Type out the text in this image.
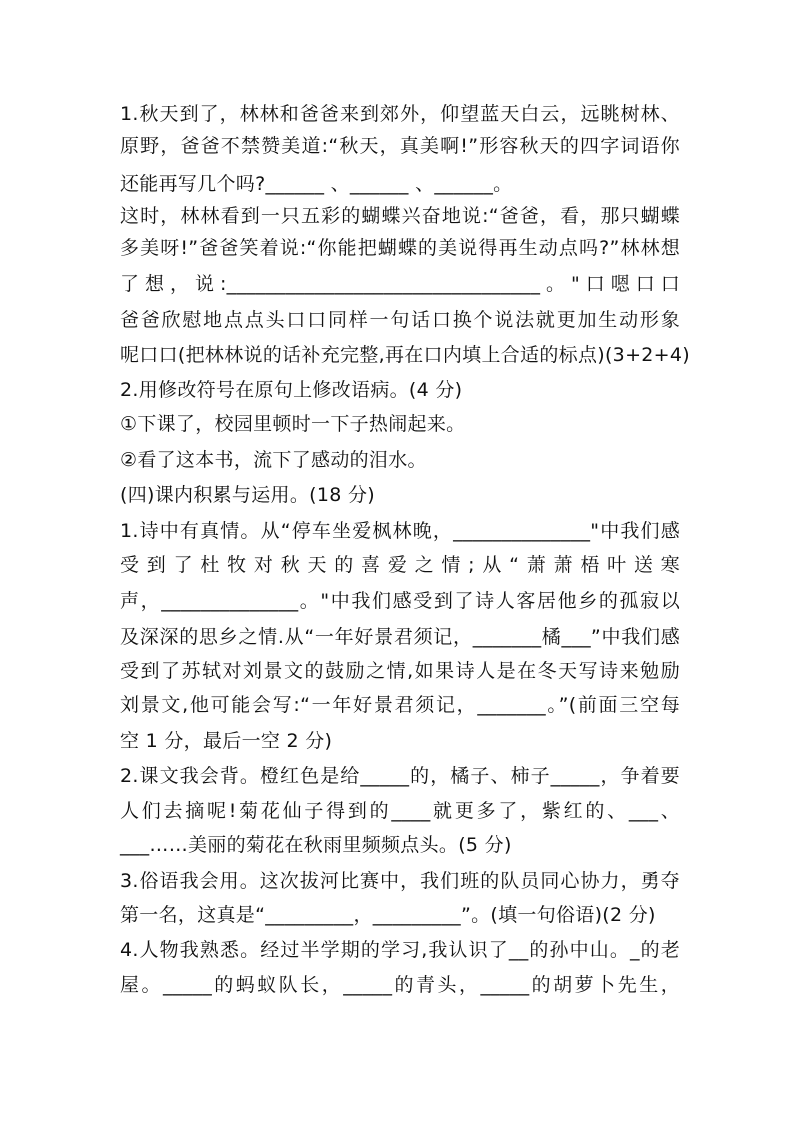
1.秋天到了，林林和爸爸来到郊外，仰望蓝天白云，远眺树林、
原野，爸爸不禁赞美道:“秋天，真美啊!”形容秋天的四字词语你
还能再写几个吗?______ 、______ 、______。
这时，林林看到一只五彩的蝴蝶兴奋地说:“爸爸，看，那只蝴蝶
多美呀!”爸爸笑着说:“你能把蝴蝶的美说得再生动点吗?”林林想
了想，说:________________________________。"口嗯口口
爸爸欣慰地点点头口口同样一句话口换个说法就更加生动形象
呢口口(把林林说的话补充完整,再在口内填上合适的标点)(3+2+4)
2.用修改符号在原句上修改语病。(4 分)
①下课了，校园里顿时一下子热闹起来。
②看了这本书，流下了感动的泪水。
(四)课内积累与运用。(18 分)
1.诗中有真情。从“停车坐爱枫林晚，______________"中我们感
受到了杜牧对秋天的喜爱之情;从“萧萧梧叶送寒
声，______________。"中我们感受到了诗人客居他乡的孤寂以
及深深的思乡之情.从“一年好景君须记，_______橘___”中我们感
受到了苏轼对刘景文的鼓励之情,如果诗人是在冬天写诗来勉励
刘景文,他可能会写:“一年好景君须记，_______。”(前面三空每
空 1 分，最后一空 2 分)
2.课文我会背。橙红色是给_____的，橘子、柿子_____，争着要
人们去摘呢!菊花仙子得到的____就更多了，紫红的、___、
___……美丽的菊花在秋雨里频频点头。(5 分)
3.俗语我会用。这次拔河比赛中，我们班的队员同心协力，勇夺
第一名，这真是“_________，_________”。(填一句俗语)(2 分)
4.人物我熟悉。经过半学期的学习,我认识了__的孙中山。_的老
屋。_____的蚂蚁队长，_____的青头，_____的胡萝卜先生，
